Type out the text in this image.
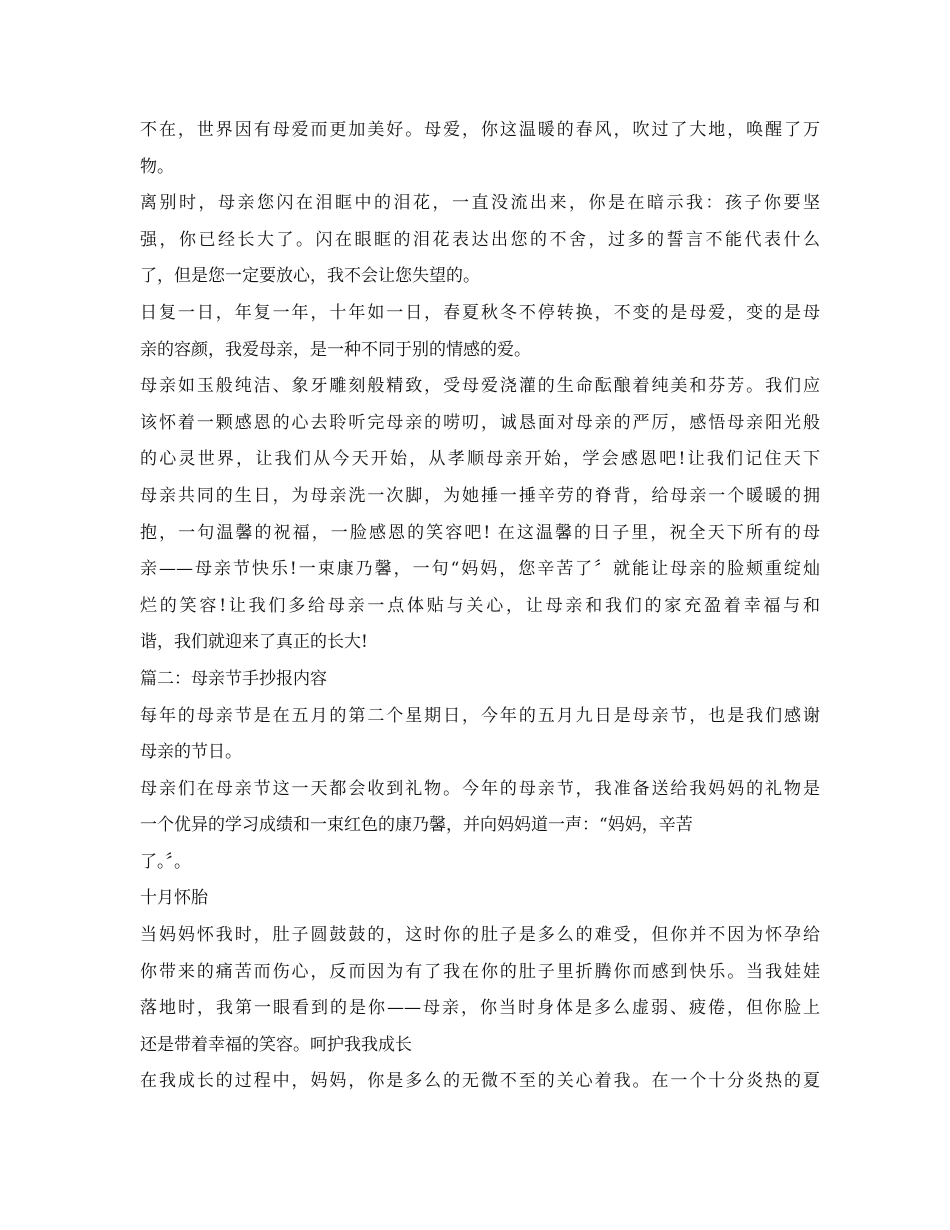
不在，世界因有母爱而更加美好。母爱，你这温暖的春风，吹过了大地，唤醒了万
物。
离别时，母亲您闪在泪眶中的泪花，一直没流出来，你是在暗示我：孩子你要坚
强，你已经长大了。闪在眼眶的泪花表达出您的不舍，过多的誓言不能代表什么
了，但是您一定要放心，我不会让您失望的。
日复一日，年复一年，十年如一日，春夏秋冬不停转换，不变的是母爱，变的是母
亲的容颜，我爱母亲，是一种不同于别的情感的爱。
母亲如玉般纯洁、象牙雕刻般精致，受母爱浇灌的生命酝酿着纯美和芬芳。我们应
该怀着一颗感恩的心去聆听完母亲的唠叨，诚恳面对母亲的严厉，感悟母亲阳光般
的心灵世界，让我们从今天开始，从孝顺母亲开始，学会感恩吧!让我们记住天下
母亲共同的生日，为母亲洗一次脚，为她捶一捶辛劳的脊背，给母亲一个暖暖的拥
抱，一句温馨的祝福，一脸感恩的笑容吧! 在这温馨的日子里，祝全天下所有的母
亲——母亲节快乐!一束康乃馨，一句“妈妈，您辛苦了〞就能让母亲的脸颊重绽灿
烂的笑容!让我们多给母亲一点体贴与关心，让母亲和我们的家充盈着幸福与和
谐，我们就迎来了真正的长大!
篇二：母亲节手抄报内容
每年的母亲节是在五月的第二个星期日，今年的五月九日是母亲节，也是我们感谢
母亲的节日。
母亲们在母亲节这一天都会收到礼物。今年的母亲节，我准备送给我妈妈的礼物是
一个优异的学习成绩和一束红色的康乃馨，并向妈妈道一声：“妈妈，辛苦
了。〞。
十月怀胎
当妈妈怀我时，肚子圆鼓鼓的，这时你的肚子是多么的难受，但你并不因为怀孕给
你带来的痛苦而伤心，反而因为有了我在你的肚子里折腾你而感到快乐。当我娃娃
落地时，我第一眼看到的是你——母亲，你当时身体是多么虚弱、疲倦，但你脸上
还是带着幸福的笑容。呵护我我成长
在我成长的过程中，妈妈，你是多么的无微不至的关心着我。在一个十分炎热的夏
